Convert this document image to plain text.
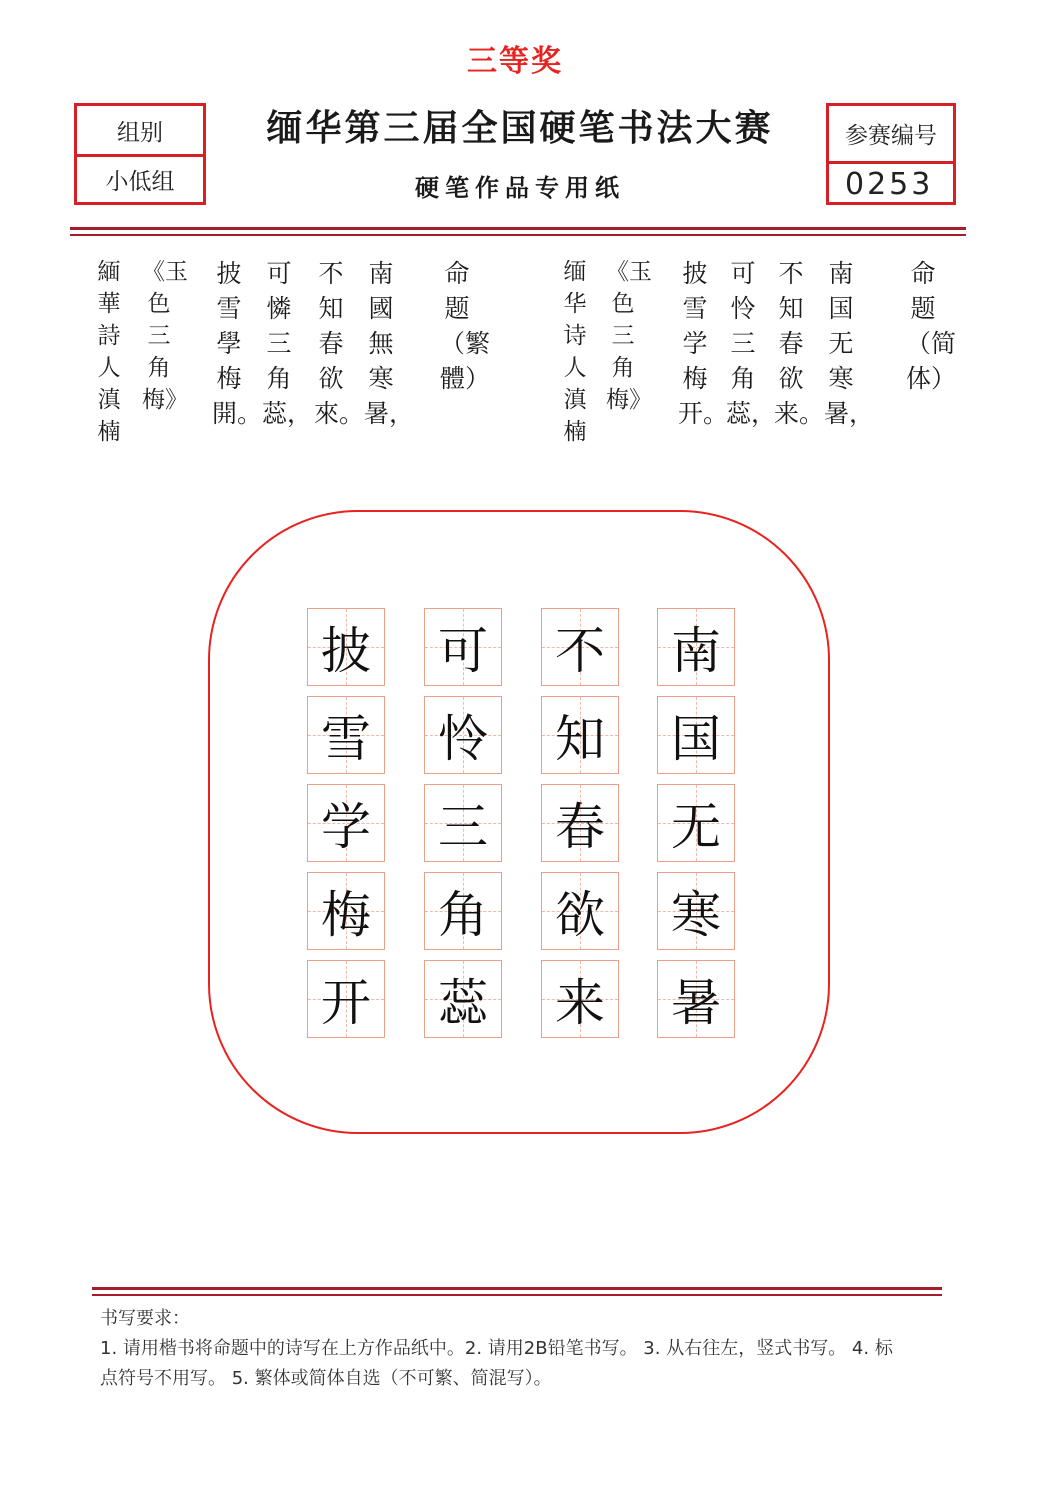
三等奖
组别
小低组
参赛编号
0253
缅华第三届全国硬笔书法大赛
硬笔作品专用纸
命题（简体）
南国无寒暑，
不知春欲来。
可怜三角蕊，
披雪学梅开。
《玉色三角梅》
缅华诗人 滇楠
命题（繁體）
南國無寒暑，
不知春欲來。
可憐三角蕊，
披雪學梅開。
《玉色三角梅》
緬華詩人 滇楠
南
国
无
寒
暑
不
知
春
欲
来
可
怜
三
角
蕊
披
雪
学
梅
开
书写要求：
1. 请用楷书将命题中的诗写在上方作品纸中。2. 请用2B铅笔书写。 3. 从右往左，竖式书写。 4. 标点符号不用写。 5. 繁体或简体自选（不可繁、简混写）。
